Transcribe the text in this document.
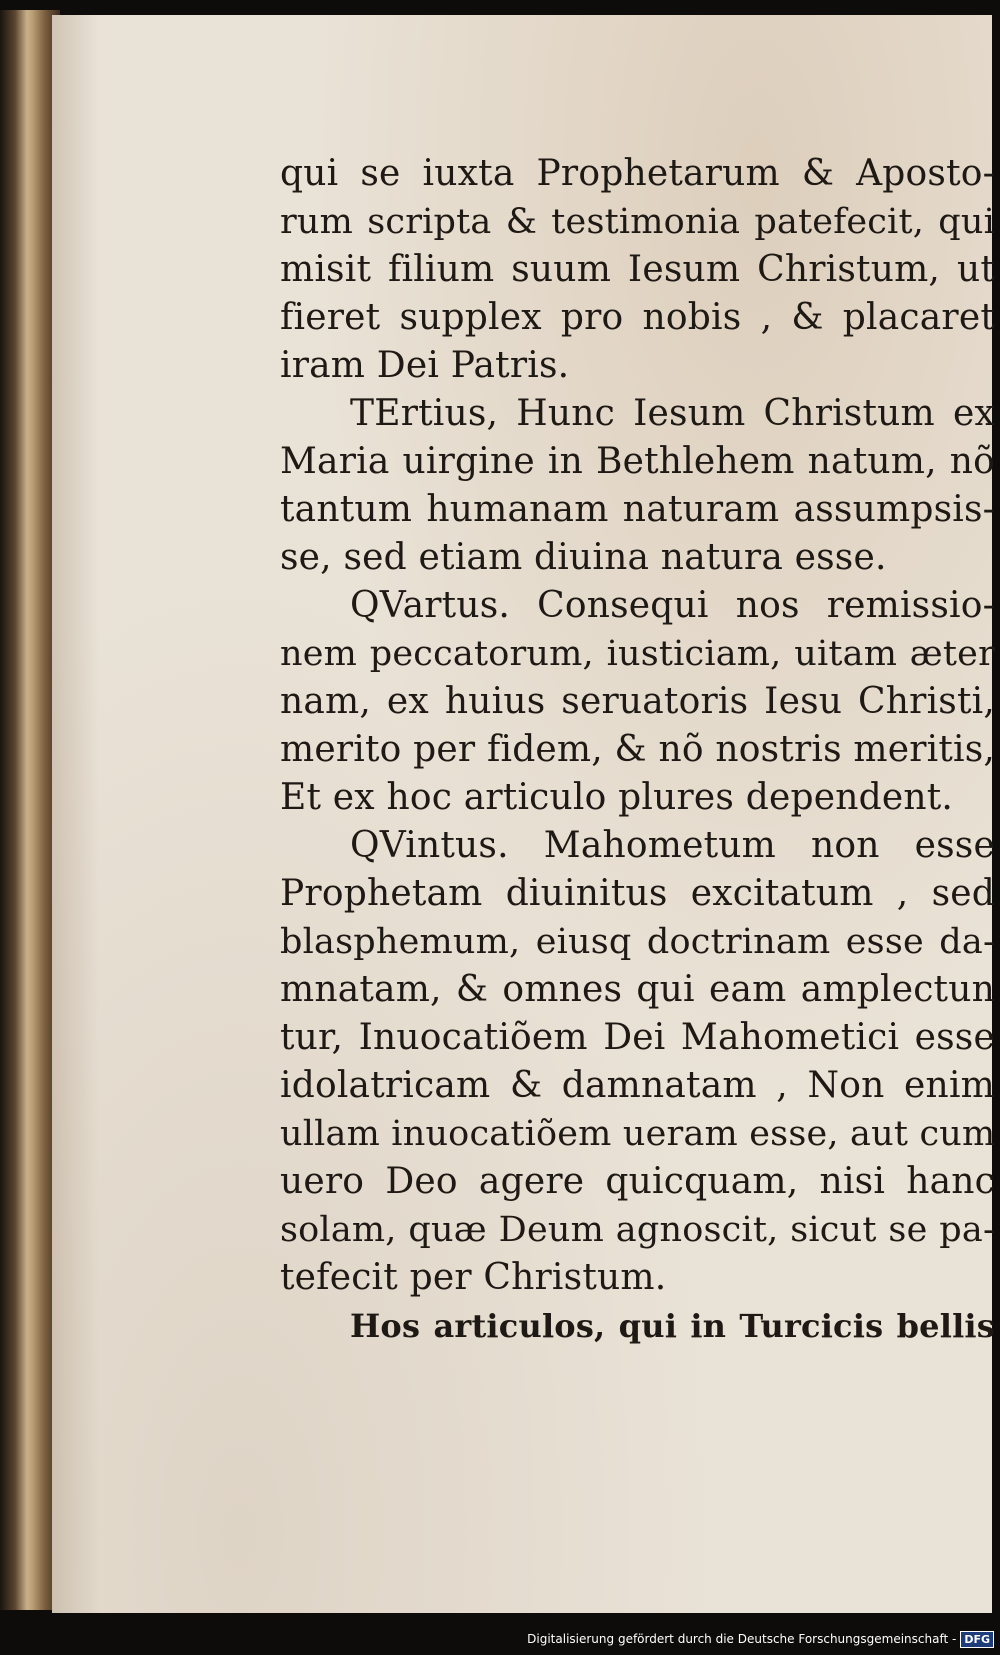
qui se iuxta Prophetarum & Aposto-
rum scripta & testimonia patefecit, qui
misit filium suum Iesum Christum, ut
fieret supplex pro nobis , & placaret
iram Dei Patris.

TErtius, Hunc Iesum Christum ex
Maria uirgine in Bethlehem natum, nõ
tantum humanam naturam assumpsis-
se, sed etiam diuina natura esse.

QVartus. Consequi nos remissio-
nem peccatorum, iusticiam, uitam æter
nam, ex huius seruatoris Iesu Christi,
merito per fidem, & nõ nostris meritis,
Et ex hoc articulo plures dependent.

QVintus. Mahometum non esse
Prophetam diuinitus excitatum , sed
blasphemum, eiusq doctrinam esse da-
mnatam, & omnes qui eam amplectun
tur, Inuocatiõem Dei Mahometici esse
idolatricam & damnatam , Non enim
ullam inuocatiõem ueram esse, aut cum
uero Deo agere quicquam, nisi hanc
solam, quæ Deum agnoscit, sicut se pa-
tefecit per Christum.

Hos articulos, qui in Turcicis bellis

Digitalisierung gefördert durch die Deutsche Forschungsgemeinschaft - DFG
